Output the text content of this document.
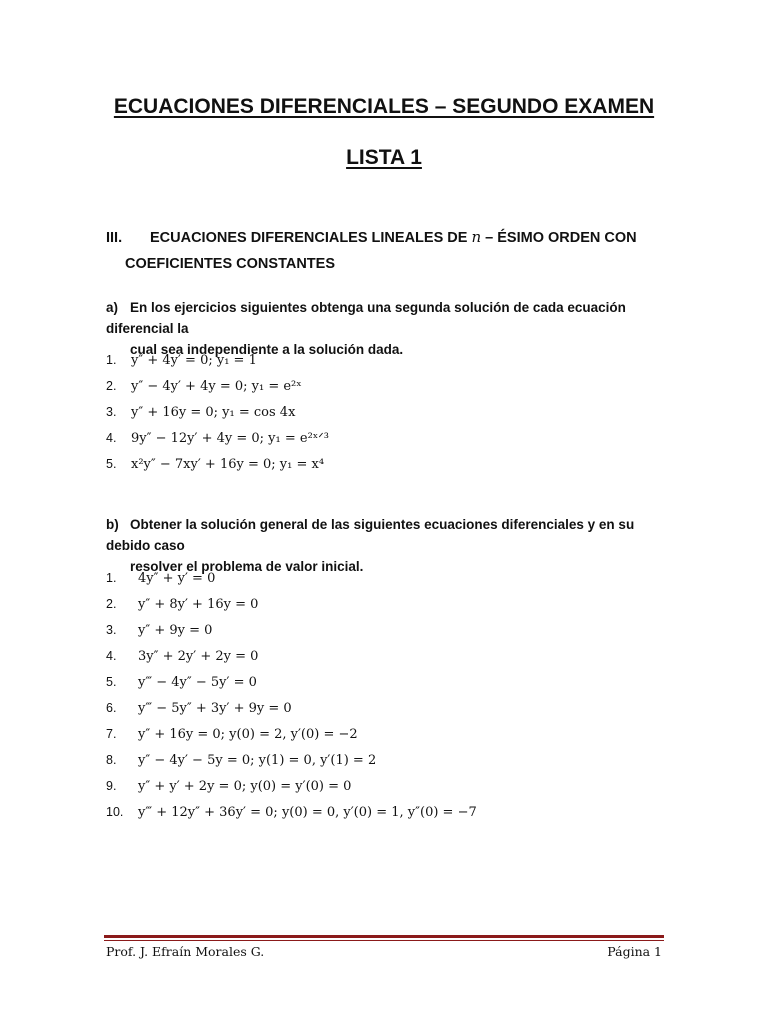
ECUACIONES DIFERENCIALES – SEGUNDO EXAMEN
LISTA 1
III. ECUACIONES DIFERENCIALES LINEALES DE n – ÉSIMO ORDEN CON
COEFICIENTES CONSTANTES
a) En los ejercicios siguientes obtenga una segunda solución de cada ecuación diferencial la
cual sea independiente a la solución dada.
1. y″ + 4y′ = 0; y₁ = 1
2. y″ − 4y′ + 4y = 0; y₁ = e²ˣ
3. y″ + 16y = 0; y₁ = cos 4x
4. 9y″ − 12y′ + 4y = 0; y₁ = e²ˣᐟ³
5. x²y″ − 7xy′ + 16y = 0; y₁ = x⁴
b) Obtener la solución general de las siguientes ecuaciones diferenciales y en su debido caso
resolver el problema de valor inicial.
1. 4y″ + y′ = 0
2. y″ + 8y′ + 16y = 0
3. y″ + 9y = 0
4. 3y″ + 2y′ + 2y = 0
5. y‴ − 4y″ − 5y′ = 0
6. y‴ − 5y″ + 3y′ + 9y = 0
7. y″ + 16y = 0; y(0) = 2, y′(0) = −2
8. y″ − 4y′ − 5y = 0; y(1) = 0, y′(1) = 2
9. y″ + y′ + 2y = 0; y(0) = y′(0) = 0
10. y‴ + 12y″ + 36y′ = 0; y(0) = 0, y′(0) = 1, y″(0) = −7
Prof. J. Efraín Morales G.	Página 1
